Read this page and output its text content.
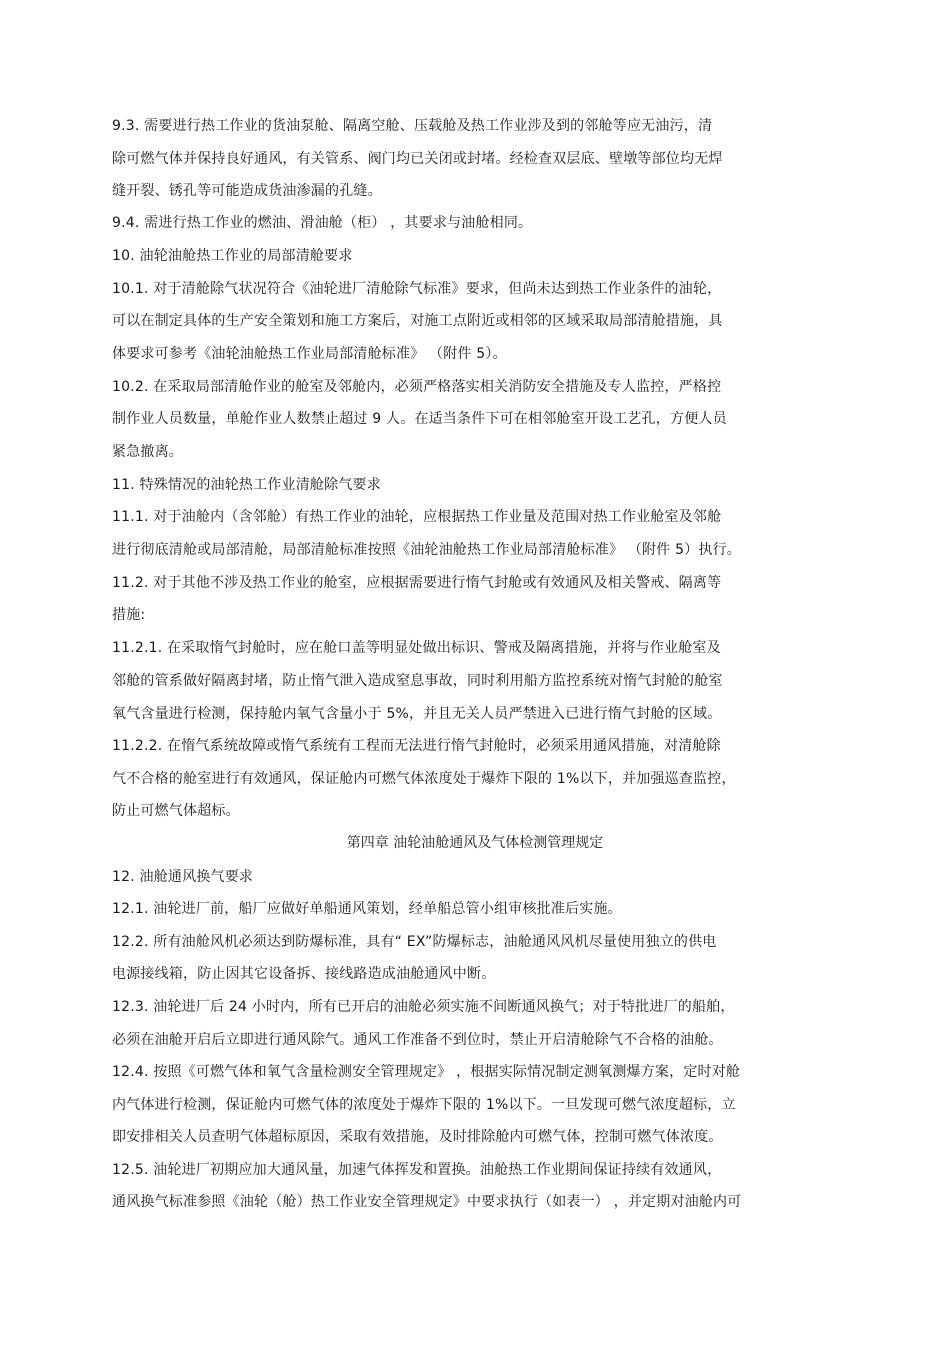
9.3. 需要进行热工作业的货油泵舱、隔离空舱、压载舱及热工作业涉及到的邻舱等应无油污，清
除可燃气体并保持良好通风，有关管系、阀门均已关闭或封堵。经检查双层底、壁墩等部位均无焊
缝开裂、锈孔等可能造成货油渗漏的孔缝。
9.4. 需进行热工作业的燃油、滑油舱（柜） ，其要求与油舱相同。
10. 油轮油舱热工作业的局部清舱要求
10.1. 对于清舱除气状况符合《油轮进厂清舱除气标准》要求，但尚未达到热工作业条件的油轮，
可以在制定具体的生产安全策划和施工方案后，对施工点附近或相邻的区域采取局部清舱措施，具
体要求可参考《油轮油舱热工作业局部清舱标准》 （附件 5）。
10.2. 在采取局部清舱作业的舱室及邻舱内，必须严格落实相关消防安全措施及专人监控，严格控
制作业人员数量，单舱作业人数禁止超过 9 人。在适当条件下可在相邻舱室开设工艺孔，方便人员
紧急撤离。
11. 特殊情况的油轮热工作业清舱除气要求
11.1. 对于油舱内（含邻舱）有热工作业的油轮，应根据热工作业量及范围对热工作业舱室及邻舱
进行彻底清舱或局部清舱，局部清舱标准按照《油轮油舱热工作业局部清舱标准》 （附件 5）执行。
11.2. 对于其他不涉及热工作业的舱室，应根据需要进行惰气封舱或有效通风及相关警戒、隔离等
措施:
11.2.1. 在采取惰气封舱时，应在舱口盖等明显处做出标识、警戒及隔离措施，并将与作业舱室及
邻舱的管系做好隔离封堵，防止惰气泄入造成窒息事故，同时利用船方监控系统对惰气封舱的舱室
氧气含量进行检测，保持舱内氧气含量小于 5%，并且无关人员严禁进入已进行惰气封舱的区域。
11.2.2. 在惰气系统故障或惰气系统有工程而无法进行惰气封舱时，必须采用通风措施，对清舱除
气不合格的舱室进行有效通风，保证舱内可燃气体浓度处于爆炸下限的 1%以下，并加强巡查监控，
防止可燃气体超标。
第四章 油轮油舱通风及气体检测管理规定
12. 油舱通风换气要求
12.1. 油轮进厂前，船厂应做好单船通风策划，经单船总管小组审核批准后实施。
12.2. 所有油舱风机必须达到防爆标准，具有“ EX”防爆标志，油舱通风风机尽量使用独立的供电
电源接线箱，防止因其它设备拆、接线路造成油舱通风中断。
12.3. 油轮进厂后 24 小时内，所有已开启的油舱必须实施不间断通风换气；对于特批进厂的船舶，
必须在油舱开启后立即进行通风除气。通风工作准备不到位时，禁止开启清舱除气不合格的油舱。
12.4. 按照《可燃气体和氧气含量检测安全管理规定》 ，根据实际情况制定测氧测爆方案，定时对舱
内气体进行检测，保证舱内可燃气体的浓度处于爆炸下限的 1%以下。一旦发现可燃气浓度超标，立
即安排相关人员查明气体超标原因，采取有效措施，及时排除舱内可燃气体，控制可燃气体浓度。
12.5. 油轮进厂初期应加大通风量，加速气体挥发和置换。油舱热工作业期间保证持续有效通风，
通风换气标准参照《油轮（舱）热工作业安全管理规定》中要求执行（如表一） ，并定期对油舱内可
